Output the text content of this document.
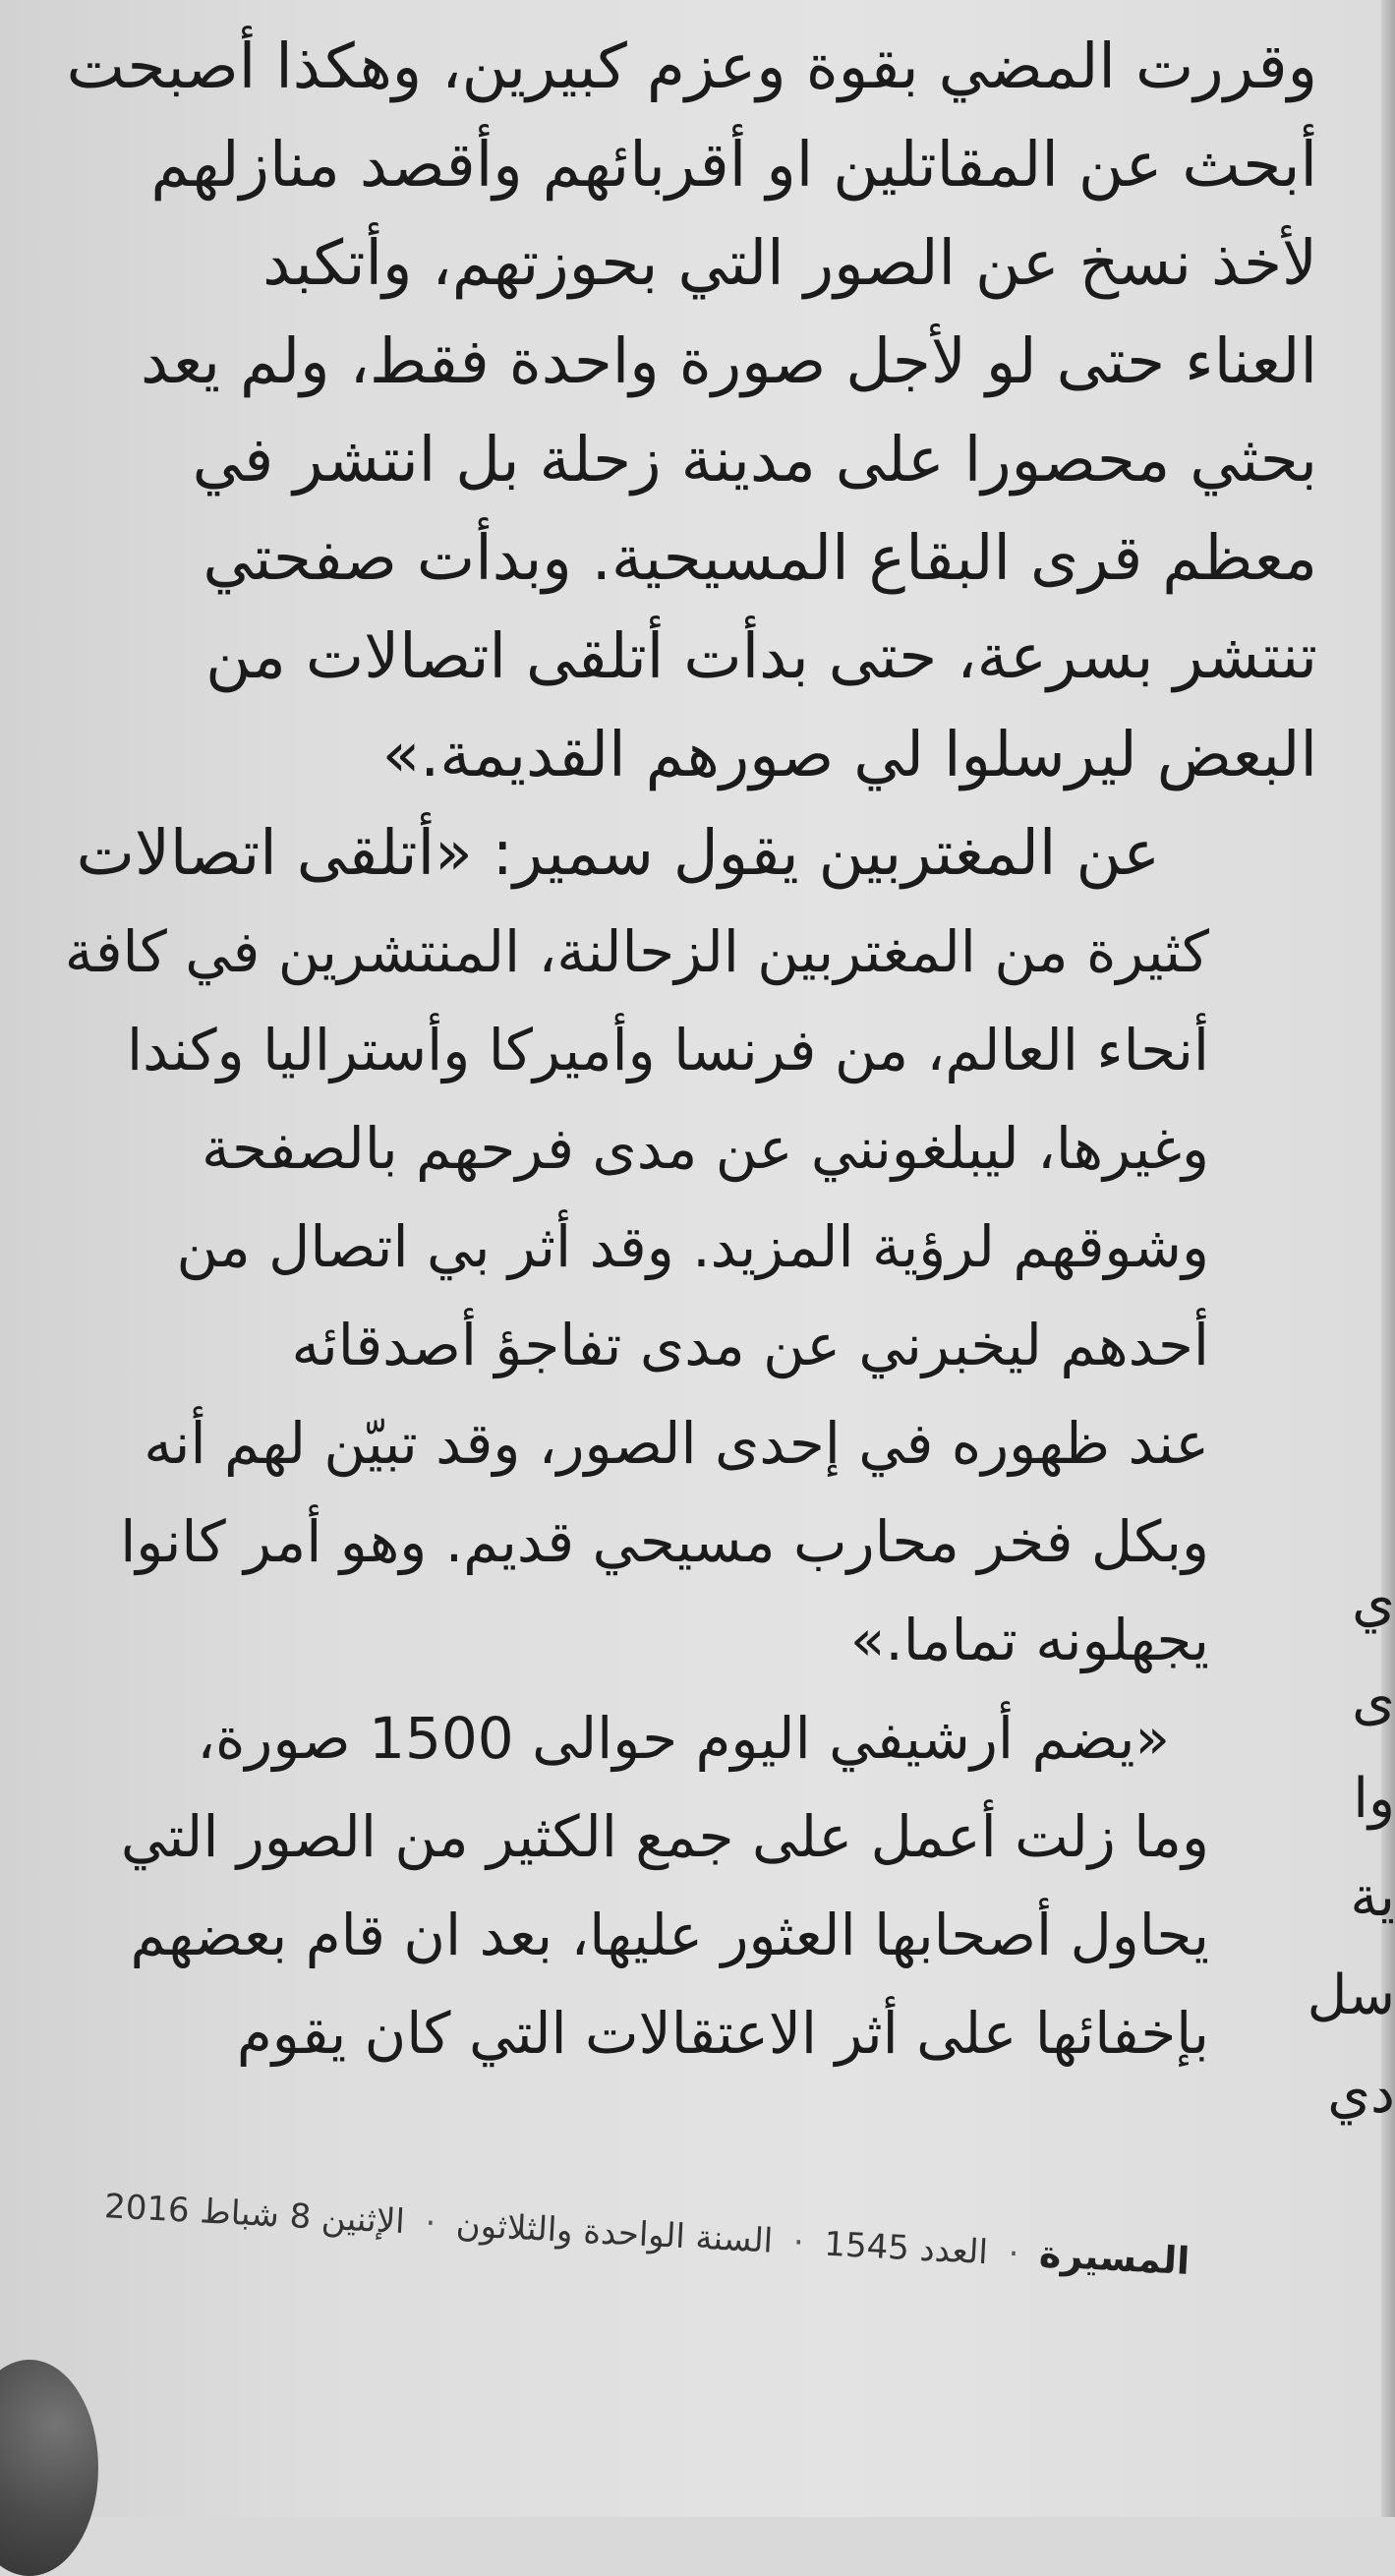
وقررت المضي بقوة وعزم كبيرين، وهكذا أصبحت
أبحث عن المقاتلين او أقربائهم وأقصد منازلهم
لأخذ نسخ عن الصور التي بحوزتهم، وأتكبد
العناء حتى لو لأجل صورة واحدة فقط، ولم يعد
بحثي محصورا على مدينة زحلة بل انتشر في
معظم قرى البقاع المسيحية. وبدأت صفحتي
تنتشر بسرعة، حتى بدأت أتلقى اتصالات من
البعض ليرسلوا لي صورهم القديمة.»
عن المغتربين يقول سمير: «أتلقى اتصالات
كثيرة من المغتربين الزحالنة، المنتشرين في كافة
أنحاء العالم، من فرنسا وأميركا وأستراليا وكندا
وغيرها، ليبلغونني عن مدى فرحهم بالصفحة
وشوقهم لرؤية المزيد. وقد أثر بي اتصال من
أحدهم ليخبرني عن مدى تفاجؤ أصدقائه
عند ظهوره في إحدى الصور، وقد تبيّن لهم أنه
وبكل فخر محارب مسيحي قديم. وهو أمر كانوا
يجهلونه تماما.»
«يضم أرشيفي اليوم حوالى 1500 صورة،
وما زلت أعمل على جمع الكثير من الصور التي
يحاول أصحابها العثور عليها، بعد ان قام بعضهم
بإخفائها على أثر الاعتقالات التي كان يقوم
ي
ى
وا
ية
سل
دي
المسيرة · العدد 1545 · السنة الواحدة والثلاثون · الإثنين 8 شباط 2016
